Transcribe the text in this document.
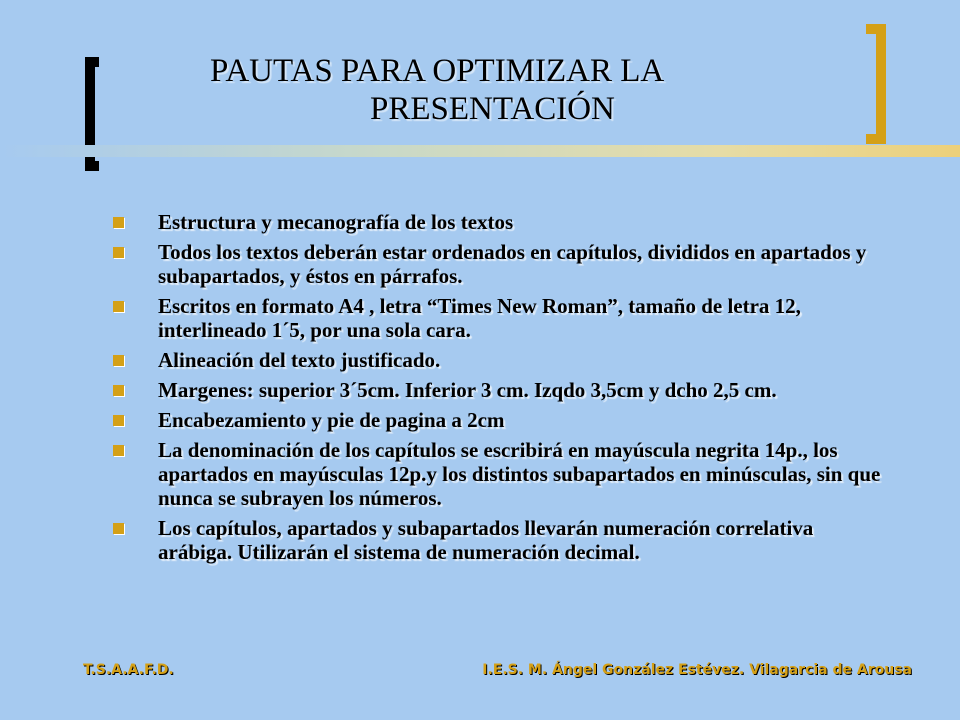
PAUTAS PARA OPTIMIZAR LA
PRESENTACIÓN
Estructura y mecanografía de los textos
Todos los textos deberán estar ordenados en capítulos, divididos en apartados y subapartados, y éstos en párrafos.
Escritos en formato A4 , letra “Times New Roman”, tamaño de letra 12, interlineado 1´5, por una sola cara.
Alineación del texto justificado.
Margenes: superior 3´5cm. Inferior 3 cm. Izqdo 3,5cm y dcho 2,5 cm.
Encabezamiento y pie de pagina a 2cm
La denominación de los capítulos se escribirá en mayúscula negrita 14p., los apartados en mayúsculas 12p.y los distintos subapartados en minúsculas, sin que nunca se subrayen los números.
Los capítulos, apartados y subapartados llevarán numeración correlativa arábiga. Utilizarán el sistema de numeración decimal.
T.S.A.A.F.D.	I.E.S. M. Ángel González Estévez. Vilagarcia de Arousa
